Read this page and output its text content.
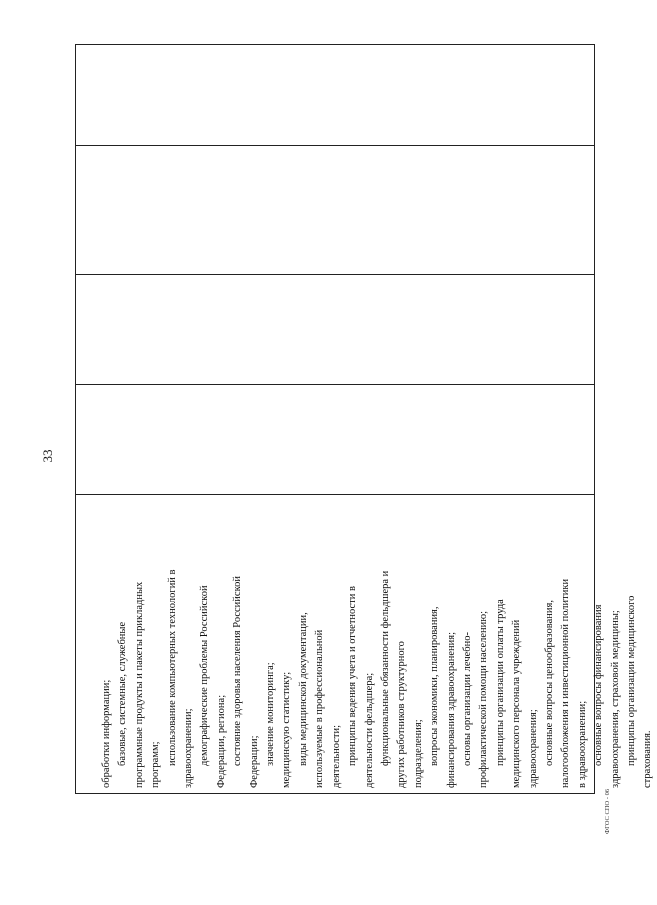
33
обработки информации; базовые, системные, служебные программные продукты и пакеты прикладных программ; использование компьютерных технологий в здравоохранении; демографические проблемы Российской Федерации, региона; состояние здоровья населения Российской Федерации; значение мониторинга; медицинскую статистику; виды медицинской документации, используемые в профессиональной деятельности; принципы ведения учета и отчетности в деятельности фельдшера; функциональные обязанности фельдшера и других работников структурного подразделения; вопросы экономики, планирования, финансирования здравоохранения; основы организации лечебно- профилактической помощи населению; принципы организации оплаты труда медицинского персонала учреждений здравоохранения; основные вопросы ценообразования, налогообложения и инвестиционной политики в здравоохранении; основные вопросы финансирования здравоохранения, страховой медицины; принципы организации медицинского страхования.
ФГОС СПО - 06
